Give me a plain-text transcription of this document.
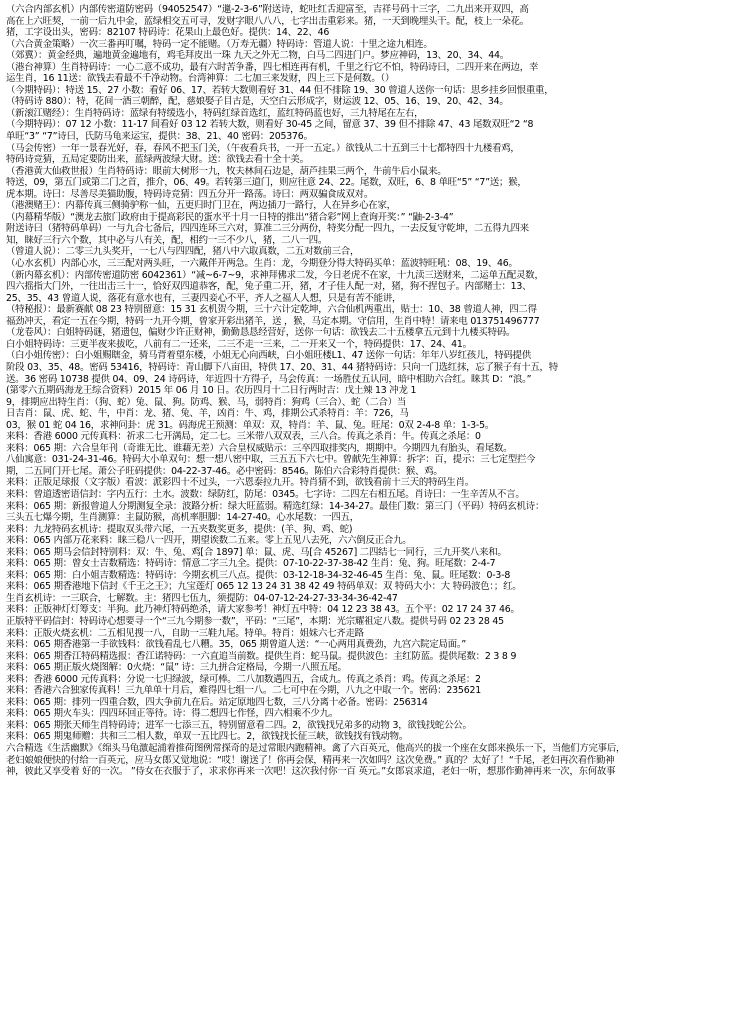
（六合内部玄机）内部传密道防密码（94052547）“邋-2-3-6”附送诗，蛇吐红舌迎富至，吉祥号码十三字，二九出来开双四，高
高在上六旺契，一前一后九中金，蓝绿相交五可寻，发财字眼八八八，七字出击重彩来。猪，一天到晚埋头干。配，枝上一朵花。
猪，工字设出头，密码：82107 特码诗：花果山上最色好。提供：14、22、46
（六合黄金策略）一次三番再叮嘱，特码一定不能赌。（万寿无疆）特码诗：管道人说：十里之途九相连。
（郊冀）：黄金经典，遍地黄金遍地有，鸡毛拜皮出一珠 九天之外无二物，白马二四进门户。梦应神码，13、20、34、44。
（港台神算）生肖特码诗：一心二意不成功，最有六时苦争番，四七相连再有机，千里之行它不怕，特码诗曰，二四开来在两边，幸
运生肖，16 11送：欲钱去看最不千净动物。台湾神算：二七加三来发财，四上三下是何数。（）
（今期特码）：特送 15、27 小数：看好 06、17、若转大数则看好 31、44 但不排除 19、30 曾道人送你一句话：思乡挂乡回恨重重，
（特码诗 880）：特，花间一酒三朝醉，配，慈娘娶子目古是，天空白云形成字，财运波 12、05、16、19、20、42、34。
（新滚江赌经）：生肖特码诗：蓝绿有特缓选小，特码红绿首选红，蓝红特码蓝也好，三九特尾在左右，
（今期特码）：07 12 小数：11-17 间看好 03 12 若转大数，则看好 30-45 之间，留意 37、39 但不排除 47、43 尾数双旺“2 “8
单旺“3” “7”诗曰，氏防马龟来运宝，提供：38、21、40 密码：205376。
（马会传密）一年一景春光好，春，春风不把玉门关，（午夜看兵书，一开一五定。）欲钱从二十五到三十七都特四十九楼看鸡，
特码诗竞猜，五局定要防出来，蓝绿两波绿大财。送：欲钱去看十全十美。
（香港黄大仙救世报）生肖特码诗：眼前大树形一九，牧夫林间石边是，葫芦挂果三两个，牛前牛后小鼠来。
特送，09，第五门或第二门之首，推介，06、49。若转第三道门，则应往意 24、22。尾数，双旺，6、8 单旺“5” “7”送；猴，
虎本期。诗曰：尽善尽美猫助腹，特码诗竞猜：四五分开一路荡。诗曰：两双骗食成双对。
（港澳赌王）：内幕传真三侧骑驴称一仙，五更归时门卫在，两边插刀一路行，人在异乡心在家，
（内幕精华版）“澳龙去旅门政府由于提高彩民的蛋水平十月一日特的推出“猪合彩”网上查询开奖：” “鼬-2-3-4”
附送诗曰（猪特码单码）一与九合七备后，四四连环三六对，算准二三分两份，特奖分配一四九，一去反复守乾坤，二五得九四来
知，睐好三行六个数，其中必与八有关，配，相约一三不少八，猪，二八一四。
（曾道人说）：二零三九头奖开，一七八与四四配，猪八中六取真数，二五对数前三合，
（心水玄机）内部心水，三三配对两头旺，一六戴伴开两急。生肖：龙，今期登分得大特码买单：蓝波特旺吼：08、19、46。
（新内幕玄机）：内部传密道防密 6042361）“减~6-7~9，求神拜佛求二发，今日老虎不在家，十九渎三送财来，二运单五配灵数，
四六摇指大门外，一往出击三十一，恰好双四道恭客，配，兔子重二开，猪，才子佳人配一对，猪，狗不捏包子。内部赌士：13、
25、35、43 曾道人说，落花有意水也有，三妻四妾心不平，齐人之福人人想，只是有苦不能讲，
（特秘报）：最新赛献 08 23 特别留意：15 31 玄机贺今期，三十六计定乾坤，六合仙机两重出，贴士：10、38 曾道人神，四二得
福劲冲天，看定一五在今期，特码一九开今期，曾家开彩出猪羊，送 ，猴，马定本期。守信用，生肖中特！请来电 013751496777
（龙卷风）：白姐特码谜，猪遗包，偏财少许正财神，勤勤恳恳经营好，送你一句话：欲钱去二十五楼拿五元到十九楼买特码。
白小姐特码诗：三更半夜来拔吃，八前有二一还来，二三不走一三来，二一开来又一个，特码提供：17、24、41。
（白小姐传密）：白小姐赐瞎金，骑马背着望东楼，小姐无心向西峡，白小姐旺楼L1、47 送你一句话：年年八岁红孩儿，特码提供
阶段 03、35、48。密码 53416，特码诗：青山脚下八亩田，特供 17、20、31、44 猪特码诗：只向一门选红抹，忘了猴子有十五，特
送。36 密码 10738 提供 04、09、24 诗码诗，年近四十方得子，马会传真：一场胜仗五认同，暗中相助六合红。睐其 D：“浪。”
(第零六五期码海龙王综合资料）2015 年 06 月 10 日。农历四月十二日行两时吉：戊土辣 13 冲龙 1
9，排期应出特生肖：（狗、蛇）兔、鼠、狗。防鸡、猴、马，弱特肖：狗鸡（三合）、蛇（二合）当
日吉肖：鼠、虎、蛇、牛，中肖：龙、猪、兔、羊，凶肖：牛、鸡，排期公式杀特肖：羊：726，马
03，猴 01 蛇 04 16，求神问卦：虎 31。码海虎王预测：单双：双，特肖：羊、鼠、兔。旺尾：0双 2-4-8 单：1-3-5。
来料：香港 6000 元传真料：祈求二七开满局，定二七。三米带八双双表，三八合。传真之杀肖：牛。传真之杀尾：0
来料：065 期：六合皇年刊（奇谁无比、谁藉无差）六合皇权威贴示：三卒四取排奖内，期期中。今期四九有胎头，看尾数。
八仙寓意：031-24-31-46。特码大小单双句：想一想八密中取，三五五下六七中。曾献先生神算：拆字：百，提示：三七定型拦今
期，二五同门开七尾。萧公子旺码提供：04-22-37-46。必中密码：8546。陈伯六合彩特肖提供：猴、鸡。
来料：正版足球报（文字版）看波：派彩四十不过头，一六恩泰拉九开。特肖猜不到，欲钱看前十三天的特码生肖。
来料：曾道透密语信封：字内五行：土水。波数：绿防红，防尾：0345。七字诗：二四左右相五尾。肖诗曰：一生辛苦从不言。
来料：065 期：新报曾道人分期测复全录：波路分析：绿大旺蓝弱。精选红绿：14-34-27。最佳门数：第三门（平码）特码玄机诗：
三头五七爆今期，生肖测算：主鼠防猴，高机率胆脚：14-27-40。心水尾数：一四五，
来料：九龙特码玄机诗：提取双头带六尾，一五夹数奖更多，提供：(羊、狗、鸡、蛇)
来料：065 内部万花来料：睐三稳八一四开，期望诶数二五来。零上五见八去死，六六倒反正合九。
来料：065 期马会信封特别料：双：牛、兔、鸡[合 1897] 单：鼠、虎、马[合 45267] 二四结七一同行，三九开奖八来和。
来料：065 期：曾女士吉数精选：特码诗：情意二字三九全。提供：07-10-22-37-38-42 生肖：兔、狗。旺尾数：2-4-7
来料：065 期：白小姐吉数精选：特码诗：今期玄机三八点。提供：03-12-18-34-32-46-45 生肖：兔、鼠。旺尾数：0-3-8
来料：065 期香港地下信封《千王之王》；九宝莲灯 065 12 13 24 31 38 42 49 特码单双：双 特码大小：大 特码波色：；红。
生肖玄机诗：一三联合，七解数。主：猪四七伍九，须提防：04-07-12-24-27-33-34-36-42-47
来料：正版神灯灯筹支：半狗。此乃神灯特码绝杀，请大家参考！神灯五中特：04 12 23 38 43。五个平：02 17 24 37 46。
正版特平码信封：特码诗心想要寻一个“三九今期参一数”，平码：“三尾”，本期：光宗耀祖定八数。提供号码 02 23 28 45
来料：正版火烧玄机：二五相见搜一八，自助一三鞋九尾。特单。特肖：姐妹六七齐走路
来料：065 期香港第一手欲钱料：欲钱看乱七八糟。35，065 期曾道人送：“一心两用真费劲，九宫六院定局面。”
来料：065 期香江特码精选报：香江诺特码：一六直追当前数。提供生肖：蛇马鼠。提供波色：主红防蓝。提供尾数：2 3 8 9
来料：065 期正版火烧图解：0火烧：“鼠” 诗：三九拼合定格局，今期一八照五尾。
来料：香港 6000 元传真料：分说一七归绿波，绿可棒。二八加数遇四五，合成九。传真之杀肖：鸡。传真之杀尾：2
来料：香港六合独家传真料！三九单单十月后，难得四七组一八。二七可中在今期，八九之中取一个。密码：235621
来料：065 期：排列一四重合数，四大争前九在后。站定原地四七数，三八分离十必备。密码：256314
来料：065 期火车头：四四环回正等待。诗：得二想四七作怪，四六相乘不少九。
来料：065 期张天师生肖特码诗；进军一七添三五，特别留意看二四。2，欲钱找兄弟多的动物 3，欲钱找蛇公公。
来料：065 期鬼师赠：共和三二相人数，单双一五比四七。2，欲钱找长征三峡，欲钱找有钱动物。
六合精选《生活幽默》《绵头马龟激起浦着推荷图例常探奇的是过常眼内跑精神。禽了六百英元，他高兴的拔一个座在女郎来换乐一下，当他们方完事后，
老妇娘娘便快的付给一百英元，应马女郎又觉地说：“哎！谢送了！你再会保，精再来一次如吗？这次免费。” 真的？太好了！“千尾，老妇再次看作勤神
神，彼此又享受着 好的一次。 ”侍女在衣服于了，求求你再来一次吧！这次我付你一百 英元。”女郎哀求道，老妇一听，想那作勤神再来一次，东何故事
